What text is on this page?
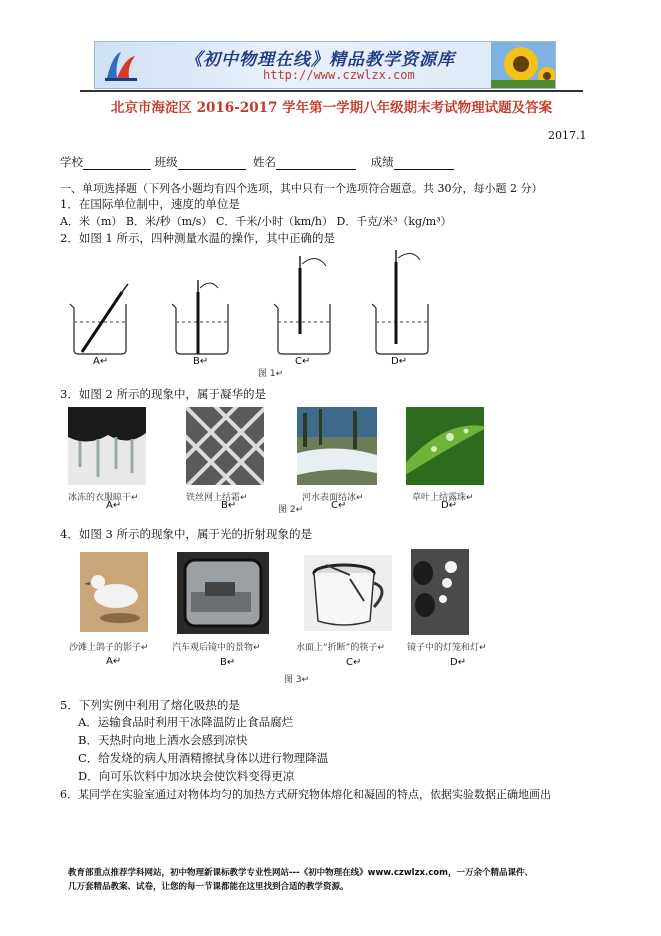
《初中物理在线》精品教学资源库
http://www.czwlzx.com
北京市海淀区 2016-2017 学年第一学期八年级期末考试物理试题及答案
2017.1
学校	班级	姓名	成绩
一、单项选择题（下列各小题均有四个选项，其中只有一个选项符合题意。共 30分，每小题 2 分）
1．在国际单位制中，速度的单位是
A．米（m） B．米/秒（m/s） C．千米/小时（km/h） D．千克/米³（kg/m³）
2．如图 1 所示，四种测量水温的操作，其中正确的是
A↵	B↵	C↵	D↵
图 1↵
3．如图 2 所示的现象中，属于凝华的是
冰冻的衣服晾干↵	铁丝网上结霜↵	河水表面结冰↵	草叶上结露珠↵
A↵	B↵	图 2↵	C↵	D↵
4．如图 3 所示的现象中，属于光的折射现象的是
沙滩上鸽子的影子↵	汽车观后镜中的景物↵	水面上“折断”的筷子↵ 镜子中的灯笼和灯↵
A↵	B↵	C↵	D↵
图 3↵
5．下列实例中利用了熔化吸热的是
A．运输食品时利用干冰降温防止食品腐烂
B．天热时向地上洒水会感到凉快
C．给发烧的病人用酒精擦拭身体以进行物理降温
D．向可乐饮料中加冰块会使饮料变得更凉
6．某同学在实验室通过对物体均匀的加热方式研究物体熔化和凝固的特点，依据实验数据正确地画出
教育部重点推荐学科网站，初中物理新课标教学专业性网站---《初中物理在线》www.czwlzx.com，一万余个精品课件、
几万套精品教案、试卷，让您的每一节课都能在这里找到合适的教学资源。
